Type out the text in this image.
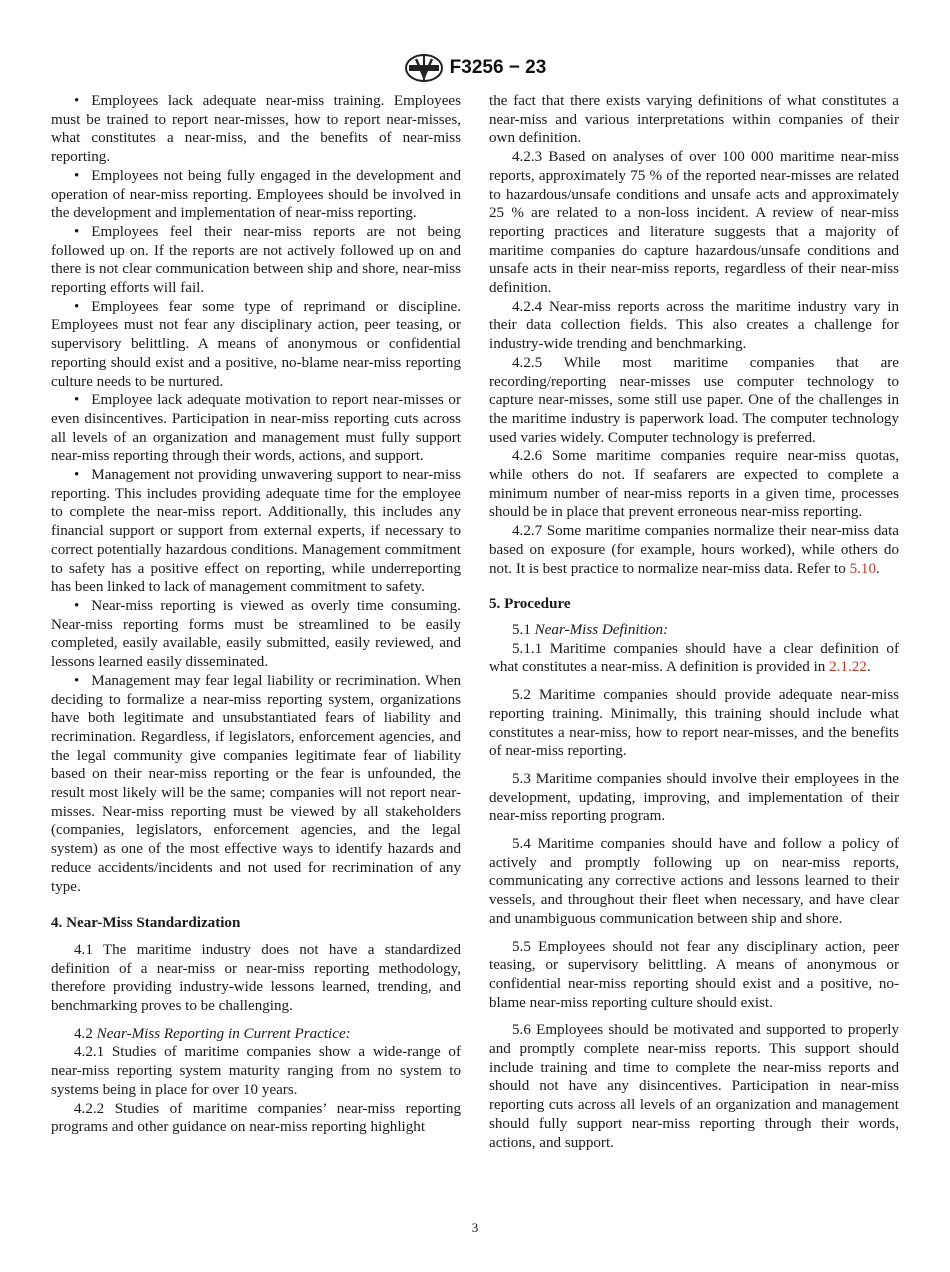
F3256 − 23

• Employees lack adequate near-miss training. Employees must be trained to report near-misses, how to report near-misses, what constitutes a near-miss, and the benefits of near-miss reporting.

• Employees not being fully engaged in the development and operation of near-miss reporting. Employees should be involved in the development and implementation of near-miss reporting.

• Employees feel their near-miss reports are not being followed up on. If the reports are not actively followed up on and there is not clear communication between ship and shore, near-miss reporting efforts will fail.

• Employees fear some type of reprimand or discipline. Employees must not fear any disciplinary action, peer teasing, or supervisory belittling. A means of anonymous or confidential reporting should exist and a positive, no-blame near-miss reporting culture needs to be nurtured.

• Employee lack adequate motivation to report near-misses or even disincentives. Participation in near-miss reporting cuts across all levels of an organization and management must fully support near-miss reporting through their words, actions, and support.

• Management not providing unwavering support to near-miss reporting. This includes providing adequate time for the employee to complete the near-miss report. Additionally, this includes any financial support or support from external experts, if necessary to correct potentially hazardous conditions. Management commitment to safety has a positive effect on reporting, while underreporting has been linked to lack of management commitment to safety.

• Near-miss reporting is viewed as overly time consuming. Near-miss reporting forms must be streamlined to be easily completed, easily available, easily submitted, easily reviewed, and lessons learned easily disseminated.

• Management may fear legal liability or recrimination. When deciding to formalize a near-miss reporting system, organizations have both legitimate and unsubstantiated fears of liability and recrimination. Regardless, if legislators, enforcement agencies, and the legal community give companies legitimate fear of liability based on their near-miss reporting or the fear is unfounded, the result most likely will be the same; companies will not report near-misses. Near-miss reporting must be viewed by all stakeholders (companies, legislators, enforcement agencies, and the legal system) as one of the most effective ways to identify hazards and reduce accidents/incidents and not used for recrimination of any type.

4. Near-Miss Standardization

4.1 The maritime industry does not have a standardized definition of a near-miss or near-miss reporting methodology, therefore providing industry-wide lessons learned, trending, and benchmarking proves to be challenging.

4.2 Near-Miss Reporting in Current Practice:

4.2.1 Studies of maritime companies show a wide-range of near-miss reporting system maturity ranging from no system to systems being in place for over 10 years.

4.2.2 Studies of maritime companies’ near-miss reporting programs and other guidance on near-miss reporting highlight

the fact that there exists varying definitions of what constitutes a near-miss and various interpretations within companies of their own definition.

4.2.3 Based on analyses of over 100 000 maritime near-miss reports, approximately 75 % of the reported near-misses are related to hazardous/unsafe conditions and unsafe acts and approximately 25 % are related to a non-loss incident. A review of near-miss reporting practices and literature suggests that a majority of maritime companies do capture hazardous/unsafe conditions and unsafe acts in their near-miss reports, regardless of their near-miss definition.

4.2.4 Near-miss reports across the maritime industry vary in their data collection fields. This also creates a challenge for industry-wide trending and benchmarking.

4.2.5 While most maritime companies that are recording/reporting near-misses use computer technology to capture near-misses, some still use paper. One of the challenges in the maritime industry is paperwork load. The computer technology used varies widely. Computer technology is preferred.

4.2.6 Some maritime companies require near-miss quotas, while others do not. If seafarers are expected to complete a minimum number of near-miss reports in a given time, processes should be in place that prevent erroneous near-miss reporting.

4.2.7 Some maritime companies normalize their near-miss data based on exposure (for example, hours worked), while others do not. It is best practice to normalize near-miss data. Refer to 5.10.

5. Procedure

5.1 Near-Miss Definition:

5.1.1 Maritime companies should have a clear definition of what constitutes a near-miss. A definition is provided in 2.1.22.

5.2 Maritime companies should provide adequate near-miss reporting training. Minimally, this training should include what constitutes a near-miss, how to report near-misses, and the benefits of near-miss reporting.

5.3 Maritime companies should involve their employees in the development, updating, improving, and implementation of their near-miss reporting program.

5.4 Maritime companies should have and follow a policy of actively and promptly following up on near-miss reports, communicating any corrective actions and lessons learned to their vessels, and throughout their fleet when necessary, and have clear and unambiguous communication between ship and shore.

5.5 Employees should not fear any disciplinary action, peer teasing, or supervisory belittling. A means of anonymous or confidential near-miss reporting should exist and a positive, no-blame near-miss reporting culture should exist.

5.6 Employees should be motivated and supported to properly and promptly complete near-miss reports. This support should include training and time to complete the near-miss reports and should not have any disincentives. Participation in near-miss reporting cuts across all levels of an organization and management should fully support near-miss reporting through their words, actions, and support.

3
